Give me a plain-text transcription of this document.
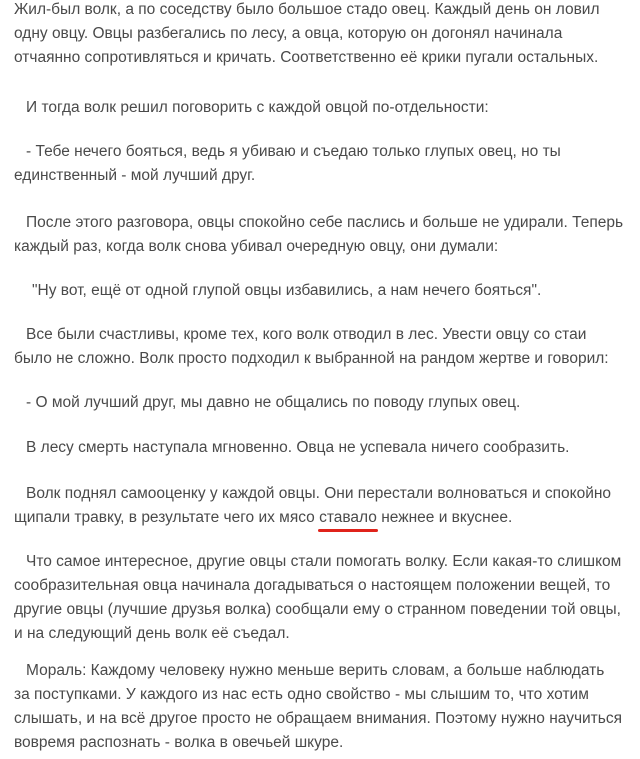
Жил-был волк, а по соседству было большое стадо овец. Каждый день он ловил
одну овцу. Овцы разбегались по лесу, а овца, которую он догонял начинала
отчаянно сопротивляться и кричать. Соответственно её крики пугали остальных.

И тогда волк решил поговорить с каждой овцой по-отдельности:

- Тебе нечего бояться, ведь я убиваю и съедаю только глупых овец, но ты
единственный - мой лучший друг.

После этого разговора, овцы спокойно себе паслись и больше не удирали. Теперь
каждый раз, когда волк снова убивал очередную овцу, они думали:

"Ну вот, ещё от одной глупой овцы избавились, а нам нечего бояться".

Все были счастливы, кроме тех, кого волк отводил в лес. Увести овцу со стаи
было не сложно. Волк просто подходил к выбранной на рандом жертве и говорил:

- О мой лучший друг, мы давно не общались по поводу глупых овец.

В лесу смерть наступала мгновенно. Овца не успевала ничего сообразить.

Волк поднял самооценку у каждой овцы. Они перестали волноваться и спокойно
щипали травку, в результате чего их мясо ставало
нежнее и вкуснее.

Что самое интересное, другие овцы стали помогать волку. Если какая-то слишком
сообразительная овца начинала догадываться о настоящем положении вещей, то
другие овцы (лучшие друзья волка) сообщали ему о странном поведении той овцы,
и на следующий день волк её съедал.

Мораль: Каждому человеку нужно меньше верить словам, а больше наблюдать
за поступками. У каждого из нас есть одно свойство - мы слышим то, что хотим
слышать, и на всё другое просто не обращаем внимания. Поэтому нужно научиться
вовремя распознать - волка в овечьей шкуре.
